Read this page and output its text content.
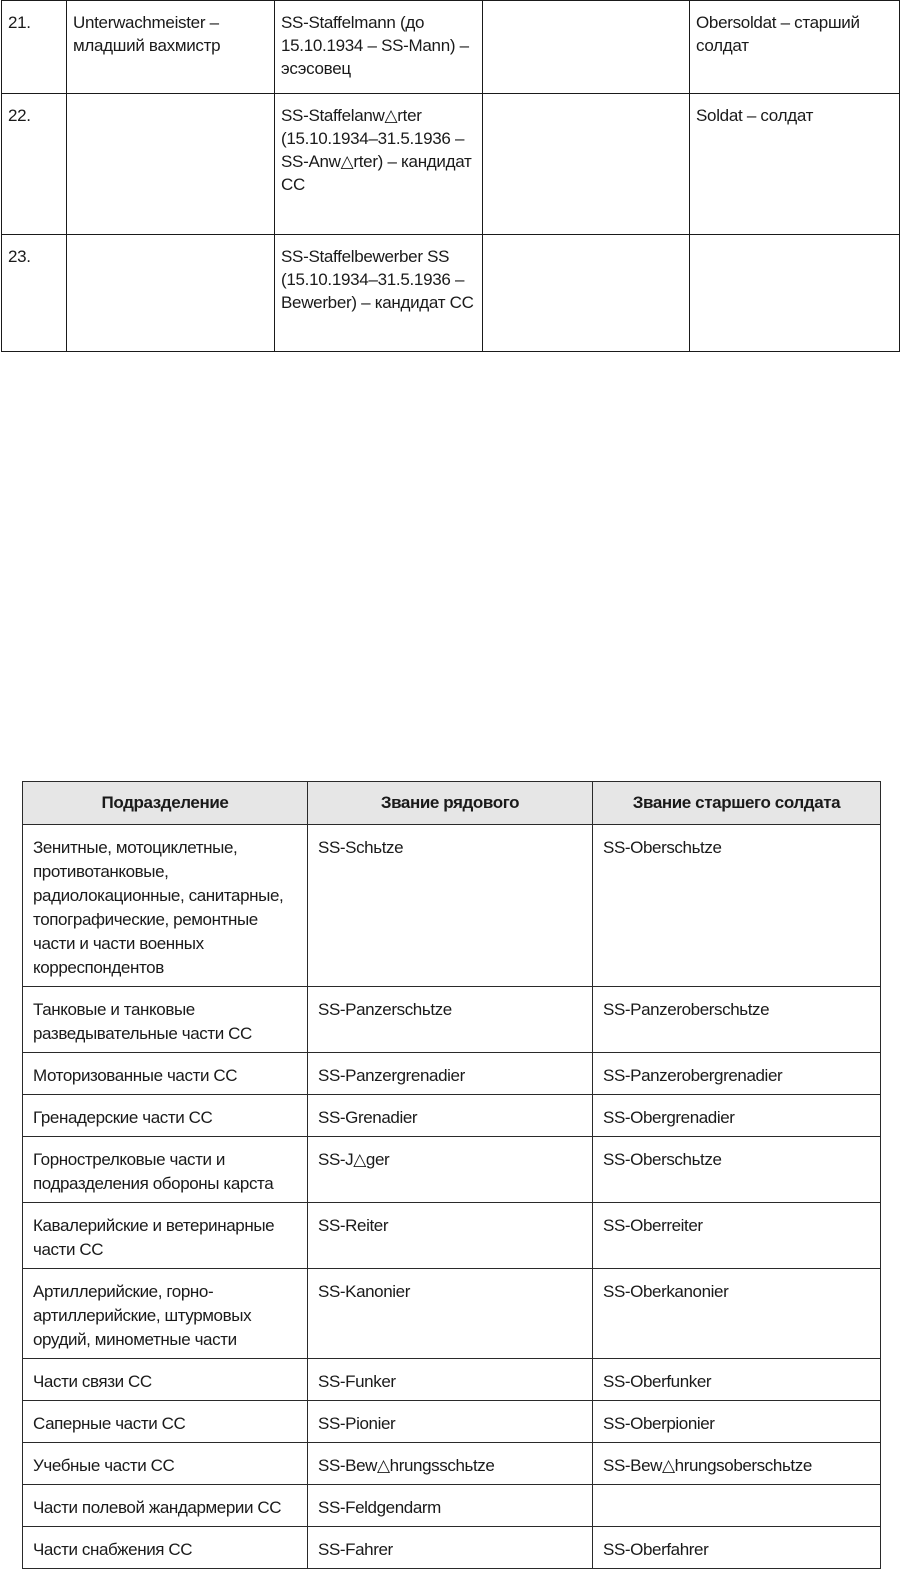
21.	Unterwachmeister – младший вахмистр	SS-Staffelmann (до 15.10.1934 – SS-Mann) – эсэсовец		Obersoldat – старший солдат
22.		SS-Staffelanw△rter (15.10.1934–31.5.1936 – SS-Anw△rter) – кандидат СС		Soldat – солдат
23.		SS-Staffelbewerber SS (15.10.1934–31.5.1936 – Bewerber) – кандидат СС		
Подразделение	Звание рядового	Звание старшего солдата
Зенитные, мотоциклетные, противотанковые, радиолокационные, санитарные, топографические, ремонтные части и части военных корреспондентов	SS-Schьtze	SS-Oberschьtze
Танковые и танковые разведывательные части СС	SS-Panzerschьtze	SS-Panzeroberschьtze
Моторизованные части СС	SS-Panzergrenadier	SS-Panzerobergrenadier
Гренадерские части СС	SS-Grenadier	SS-Obergrenadier
Горнострелковые части и подразделения обороны карста	SS-J△ger	SS-Oberschьtze
Кавалерийские и ветеринарные части СС	SS-Reiter	SS-Oberreiter
Артиллерийские, горно-артиллерийские, штурмовых орудий, минометные части	SS-Kanonier	SS-Oberkanonier
Части связи СС	SS-Funker	SS-Oberfunker
Саперные части СС	SS-Pionier	SS-Oberpionier
Учебные части СС	SS-Bew△hrungsschьtze	SS-Bew△hrungsoberschьtze
Части полевой жандармерии СС	SS-Feldgendarm	
Части снабжения СС	SS-Fahrer	SS-Oberfahrer
